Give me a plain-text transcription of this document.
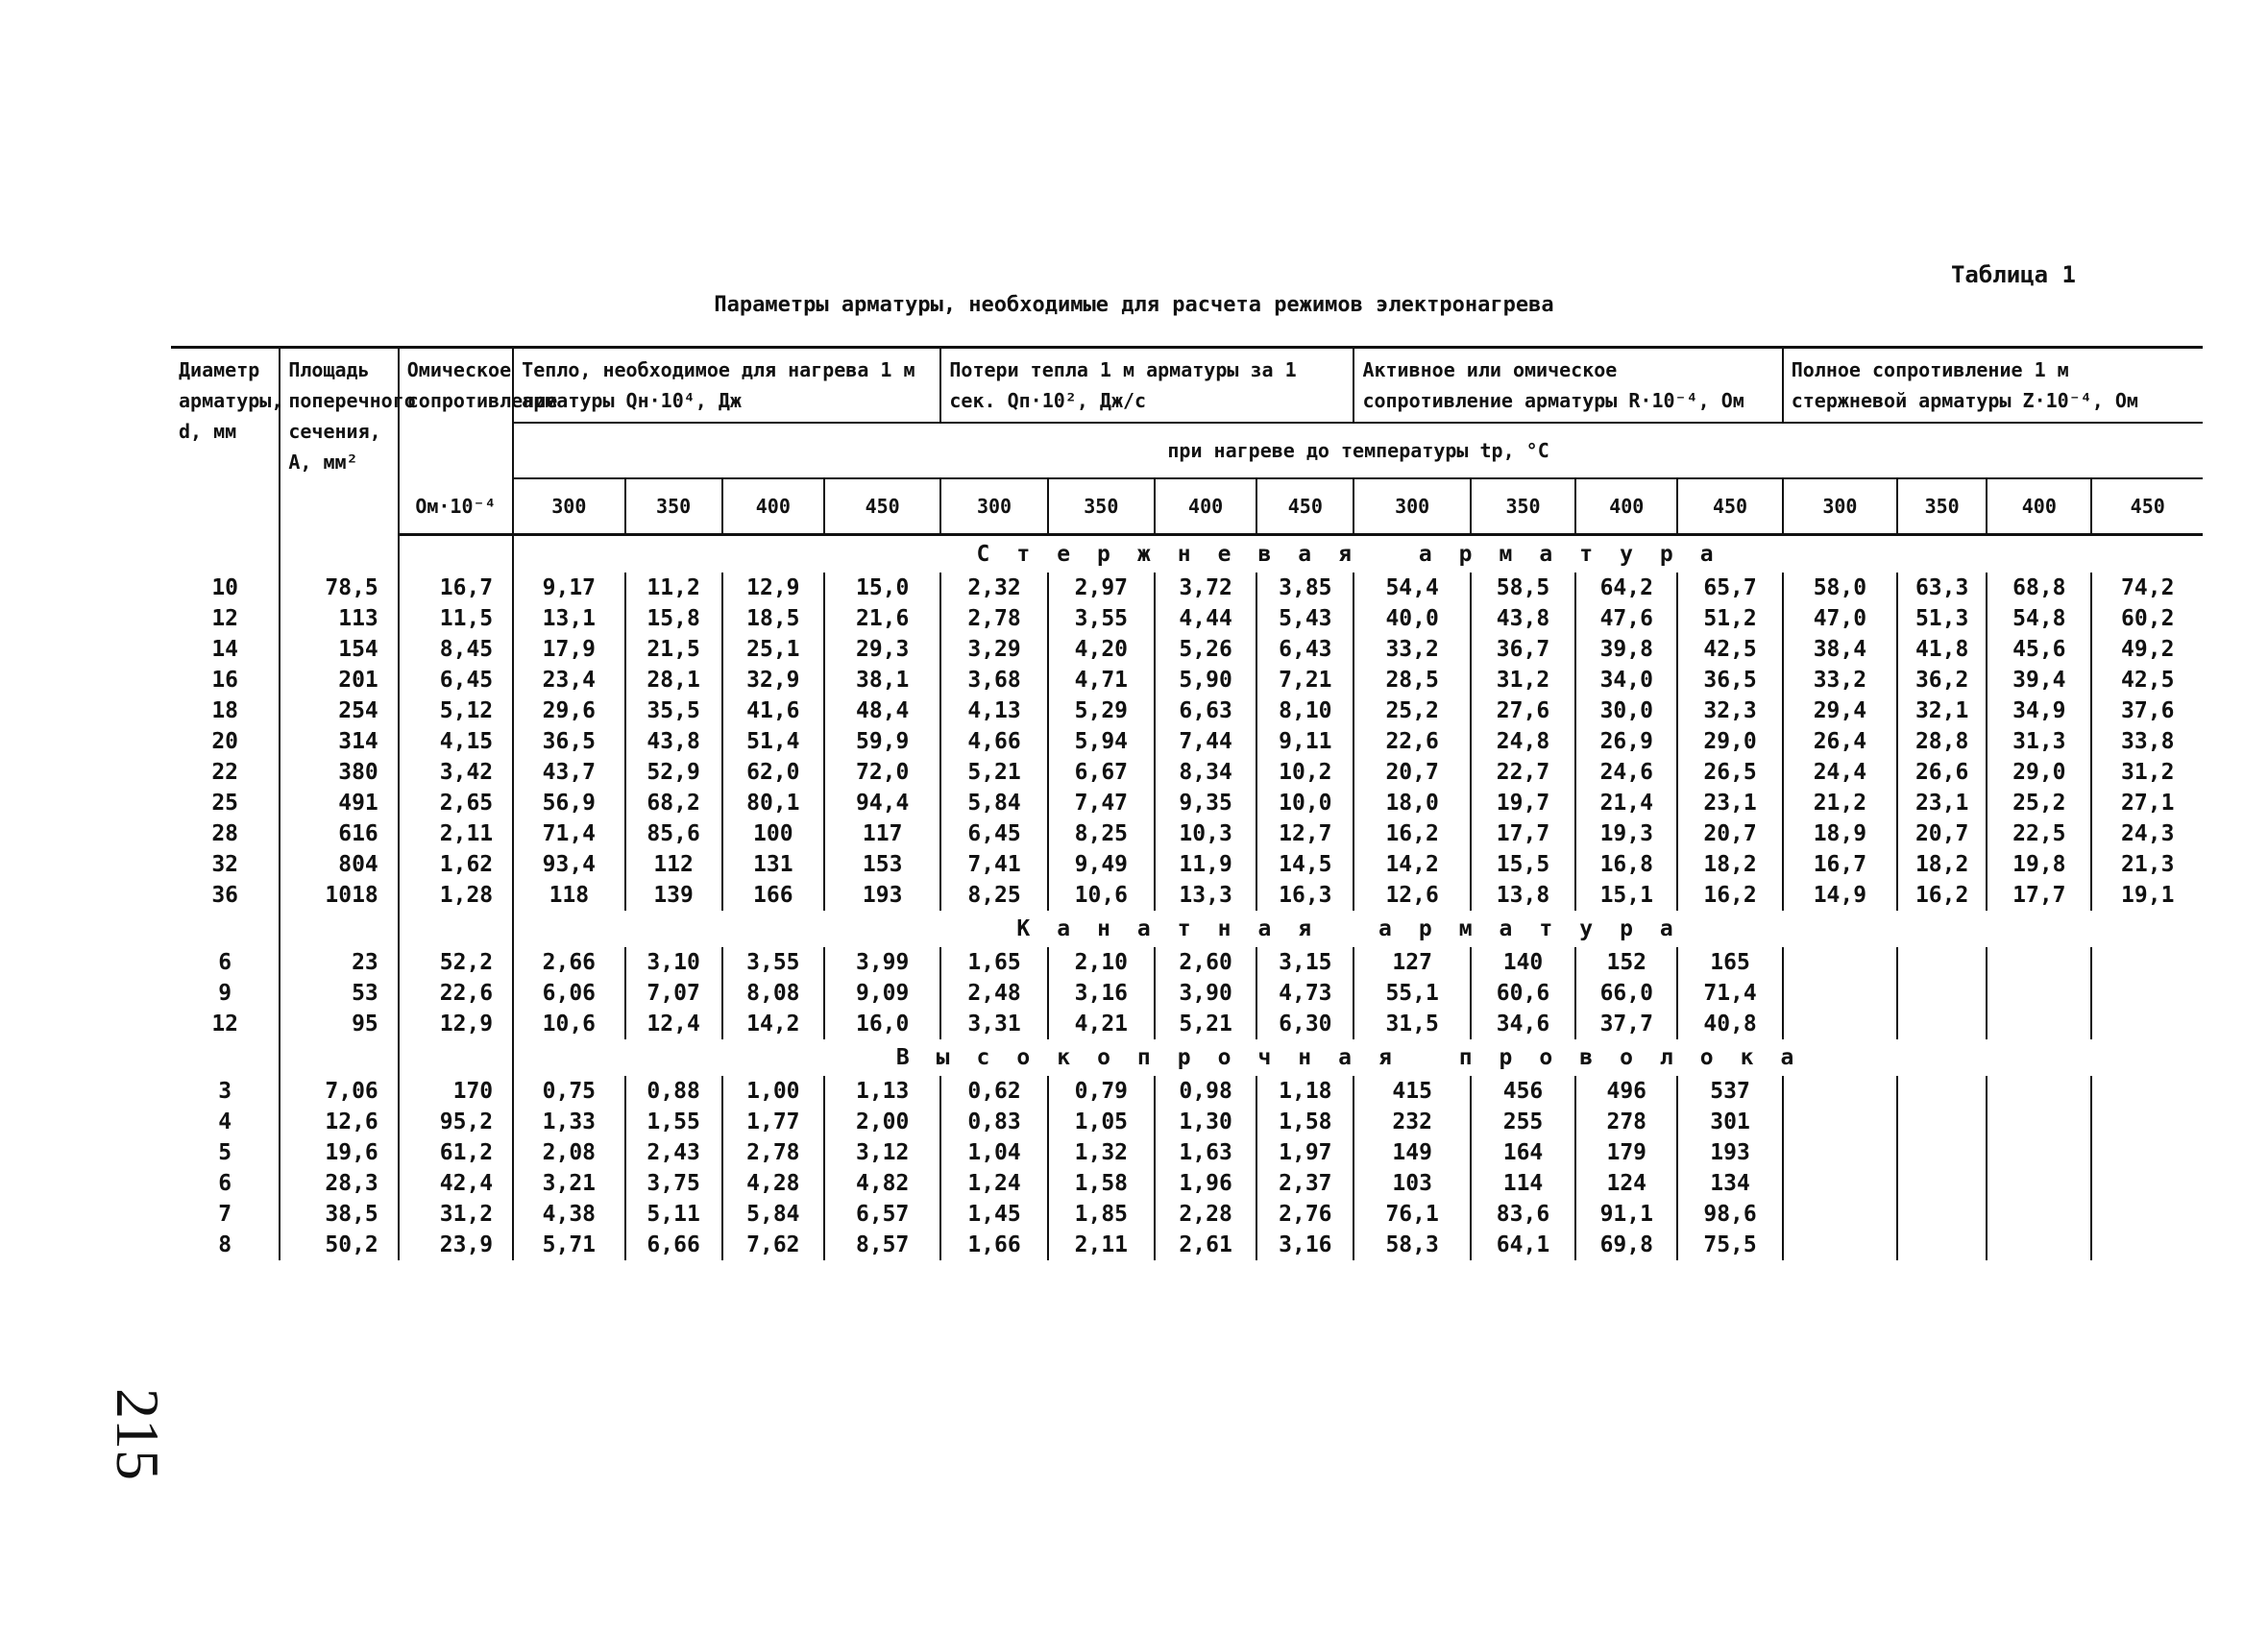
Таблица 1
Параметры арматуры, необходимые для расчета режимов электронагрева
Диаметр арматуры, d, мм	Площадь поперечного сечения, A, мм²	Омическое сопротивление	Тепло, необходимое для нагрева 1 м арматуры Qн·10⁴, Дж				Потери тепла 1 м арматуры за 1 сек. Qп·10², Дж/с				Активное или омическое сопротивление арматуры R·10⁻⁴, Ом				Полное сопротивление 1 м стержневой арматуры Z·10⁻⁴, Ом			
			при нагреве до температуры tр, °C															
		Ом·10⁻⁴	300	350	400	450	300	350	400	450	300	350	400	450	300	350	400	450
			Стержневая арматура															
10	78,5	16,7	9,17	11,2	12,9	15,0	2,32	2,97	3,72	3,85	54,4	58,5	64,2	65,7	58,0	63,3	68,8	74,2
12	113	11,5	13,1	15,8	18,5	21,6	2,78	3,55	4,44	5,43	40,0	43,8	47,6	51,2	47,0	51,3	54,8	60,2
14	154	8,45	17,9	21,5	25,1	29,3	3,29	4,20	5,26	6,43	33,2	36,7	39,8	42,5	38,4	41,8	45,6	49,2
16	201	6,45	23,4	28,1	32,9	38,1	3,68	4,71	5,90	7,21	28,5	31,2	34,0	36,5	33,2	36,2	39,4	42,5
18	254	5,12	29,6	35,5	41,6	48,4	4,13	5,29	6,63	8,10	25,2	27,6	30,0	32,3	29,4	32,1	34,9	37,6
20	314	4,15	36,5	43,8	51,4	59,9	4,66	5,94	7,44	9,11	22,6	24,8	26,9	29,0	26,4	28,8	31,3	33,8
22	380	3,42	43,7	52,9	62,0	72,0	5,21	6,67	8,34	10,2	20,7	22,7	24,6	26,5	24,4	26,6	29,0	31,2
25	491	2,65	56,9	68,2	80,1	94,4	5,84	7,47	9,35	10,0	18,0	19,7	21,4	23,1	21,2	23,1	25,2	27,1
28	616	2,11	71,4	85,6	100	117	6,45	8,25	10,3	12,7	16,2	17,7	19,3	20,7	18,9	20,7	22,5	24,3
32	804	1,62	93,4	112	131	153	7,41	9,49	11,9	14,5	14,2	15,5	16,8	18,2	16,7	18,2	19,8	21,3
36	1018	1,28	118	139	166	193	8,25	10,6	13,3	16,3	12,6	13,8	15,1	16,2	14,9	16,2	17,7	19,1
			Канатная арматура															
6	23	52,2	2,66	3,10	3,55	3,99	1,65	2,10	2,60	3,15	127	140	152	165				
9	53	22,6	6,06	7,07	8,08	9,09	2,48	3,16	3,90	4,73	55,1	60,6	66,0	71,4				
12	95	12,9	10,6	12,4	14,2	16,0	3,31	4,21	5,21	6,30	31,5	34,6	37,7	40,8				
			Высокопрочная проволока															
3	7,06	170	0,75	0,88	1,00	1,13	0,62	0,79	0,98	1,18	415	456	496	537				
4	12,6	95,2	1,33	1,55	1,77	2,00	0,83	1,05	1,30	1,58	232	255	278	301				
5	19,6	61,2	2,08	2,43	2,78	3,12	1,04	1,32	1,63	1,97	149	164	179	193				
6	28,3	42,4	3,21	3,75	4,28	4,82	1,24	1,58	1,96	2,37	103	114	124	134				
7	38,5	31,2	4,38	5,11	5,84	6,57	1,45	1,85	2,28	2,76	76,1	83,6	91,1	98,6				
8	50,2	23,9	5,71	6,66	7,62	8,57	1,66	2,11	2,61	3,16	58,3	64,1	69,8	75,5				
215
